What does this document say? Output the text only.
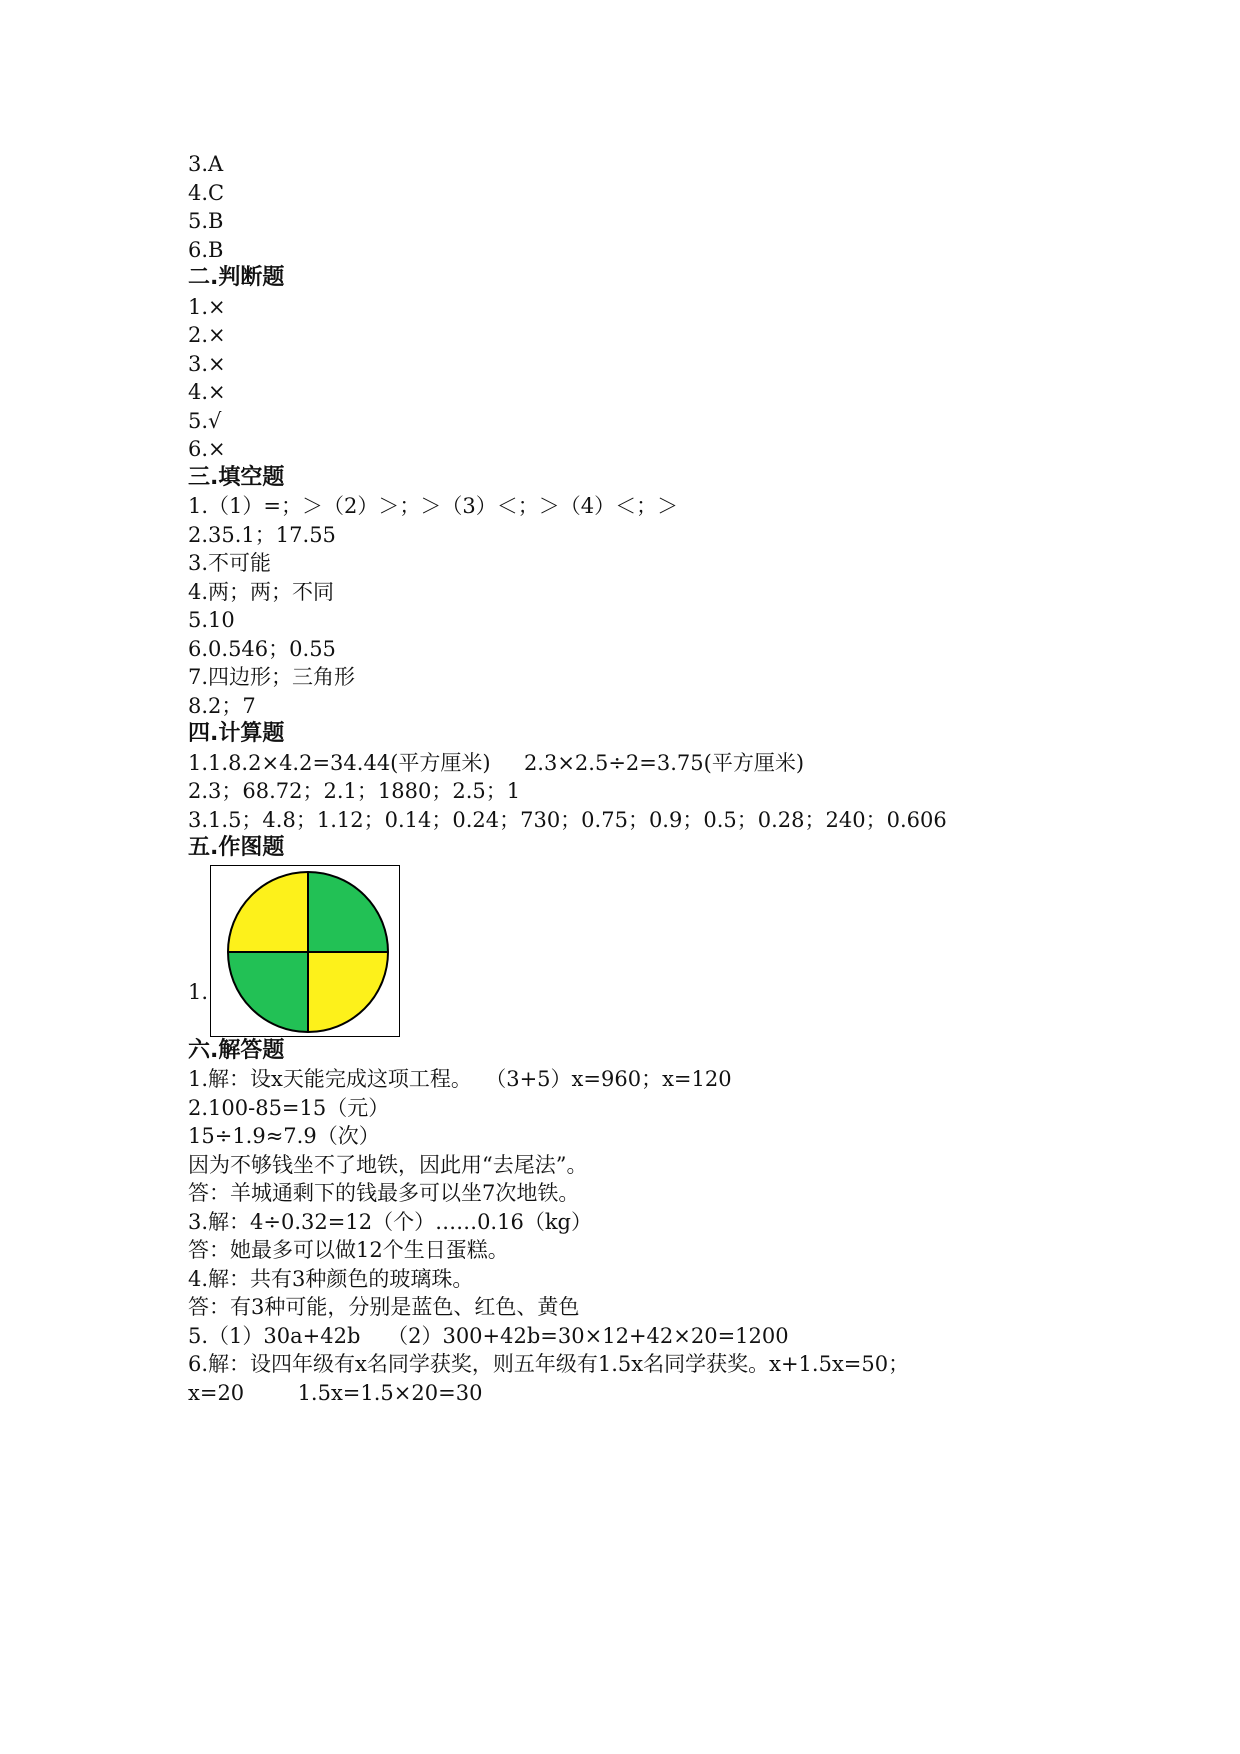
3.A
4.C
5.B
6.B
二.判断题
1.×
2.×
3.×
4.×
5.√
6.×
三.填空题
1.（1）=；＞（2）＞；＞（3）＜；＞（4）＜；＞
2.35.1；17.55
3.不可能
4.两；两；不同
5.10
6.0.546；0.55
7.四边形；三角形
8.2；7
四.计算题
1.1.8.2×4.2=34.44(平方厘米)     2.3×2.5÷2=3.75(平方厘米)
2.3；68.72；2.1；1880；2.5；1
3.1.5；4.8；1.12；0.14；0.24；730；0.75；0.9；0.5；0.28；240；0.606
五.作图题
1.
六.解答题
1.解：设x天能完成这项工程。  （3+5）x=960；x=120
2.100-85=15（元）
15÷1.9≈7.9（次）
因为不够钱坐不了地铁，因此用“去尾法”。
答：羊城通剩下的钱最多可以坐7次地铁。
3.解：4÷0.32=12（个）……0.16（kg）
答：她最多可以做12个生日蛋糕。
4.解：共有3种颜色的玻璃珠。
答：有3种可能，分别是蓝色、红色、黄色
5.（1）30a+42b    （2）300+42b=30×12+42×20=1200
6.解：设四年级有x名同学获奖，则五年级有1.5x名同学获奖。x+1.5x=50；
x=20        1.5x=1.5×20=30
